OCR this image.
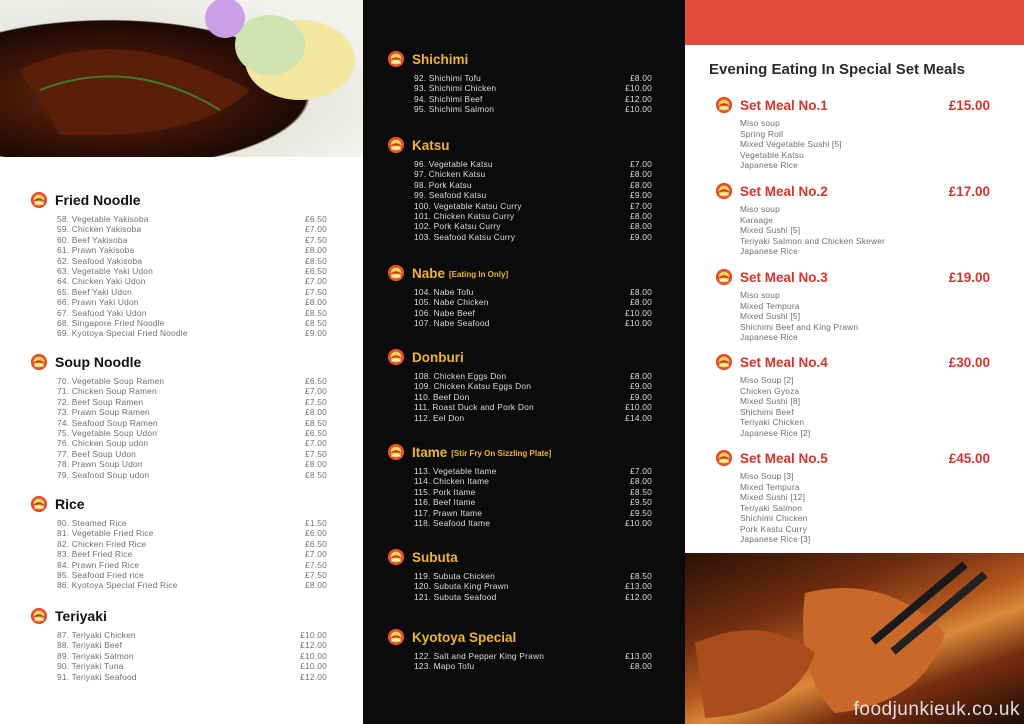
Fried Noodle
58. Vegetable Yakisoba	£6.50
59. Chicken Yakisoba	£7.00
60. Beef Yakisoba	£7.50
61. Prawn Yakisoba	£8.00
62. Seafood Yakisoba	£8.50
63. Vegetable Yaki Udon	£6.50
64. Chicken Yaki Udon	£7.00
65. Beef Yaki Udon	£7.50
66. Prawn Yaki Udon	£8.00
67. Seafood Yaki Udon	£8.50
68. Singapore Fried Noodle	£8.50
69. Kyotoya Special Fried Noodle	£9.00
Soup Noodle
70. Vegetable Soup Ramen	£6.50
71. Chicken Soup Ramen	£7.00
72. Beef Soup Ramen	£7.50
73. Prawn Soup Ramen	£8.00
74. Seafood Soup Ramen	£8.50
75. Vegetable Soup Udon	£6.50
76. Chicken Soup udon	£7.00
77. Beef Soup Udon	£7.50
78. Prawn Soup Udon	£8.00
79. Seafood Soup udon	£8.50
Rice
80. Steamed Rice	£1.50
81. Vegetable Fried Rice	£6.00
82. Chicken Fried Rice	£6.50
83. Beef Fried Rice	£7.00
84. Prawn Fried Rice	£7.50
85. Seafood Fried rice	£7.50
86. Kyotoya Special Fried Rice	£8.00
Teriyaki
87. Teriyaki Chicken	£10.00
88. Teriyaki Beef	£12.00
89. Teriyaki Salmon	£10.00
90. Teriyaki Tuna	£10.00
91. Teriyaki Seafood	£12.00
Shichimi
92. Shichimi Tofu	£8.00
93. Shichimi Chicken	£10.00
94. Shichimi Beef	£12.00
95. Shichimi Salmon	£10.00
Katsu
96. Vegetable Katsu	£7.00
97. Chicken Katsu	£8.00
98. Pork Katsu	£8.00
99. Seafood Katsu	£9.00
100. Vegetable Katsu Curry	£7.00
101. Chicken Katsu Curry	£8.00
102. Pork Katsu Curry	£8.00
103. Seafood Katsu Curry	£9.00
Nabe [Eating In Only]
104. Nabe Tofu	£8.00
105. Nabe Chicken	£8.00
106. Nabe Beef	£10.00
107. Nabe Seafood	£10.00
Donburi
108. Chicken Eggs Don	£8.00
109. Chicken Katsu Eggs Don	£9.00
110. Beef Don	£9.00
111. Roast Duck and Pork Don	£10.00
112. Eel Don	£14.00
Itame [Stir Fry On Sizzling Plate]
113. Vegetable Itame	£7.00
114. Chicken Itame	£8.00
115. Pork Itame	£8.50
116. Beef Itame	£9.50
117. Prawn Itame	£9.50
118. Seafood Itame	£10.00
Subuta
119. Subuta Chicken	£8.50
120. Subuta King Prawn	£13.00
121. Subuta Seafood	£12.00
Kyotoya Special
122. Salt and Pepper King Prawn	£13.00
123. Mapo Tofu	£8.00
Evening Eating In Special Set Meals
Set Meal No.1	£15.00
Miso soup
Spring Roll
Mixed Vegetable Sushi [5]
Vegetable Katsu
Japanese Rice
Set Meal No.2	£17.00
Miso soup
Karaage
Mixed Sushi [5]
Teriyaki Salmon and Chicken Skewer
Japanese Rice
Set Meal No.3	£19.00
Miso soup
Mixed Tempura
Mixed Sushi [5]
Shichimi Beef and King Prawn
Japanese Rice
Set Meal No.4	£30.00
Miso Soup [2]
Chicken Gyoza
Mixed Sushi [8]
Shichimi Beef
Teriyaki Chicken
Japanese Rice [2]
Set Meal No.5	£45.00
Miso Soup [3]
Mixed Tempura
Mixed Sushi [12]
Teriyaki Salmon
Shichimi Chicken
Pork Kastu Curry
Japanese Rice [3]
foodjunkieuk.co.uk
